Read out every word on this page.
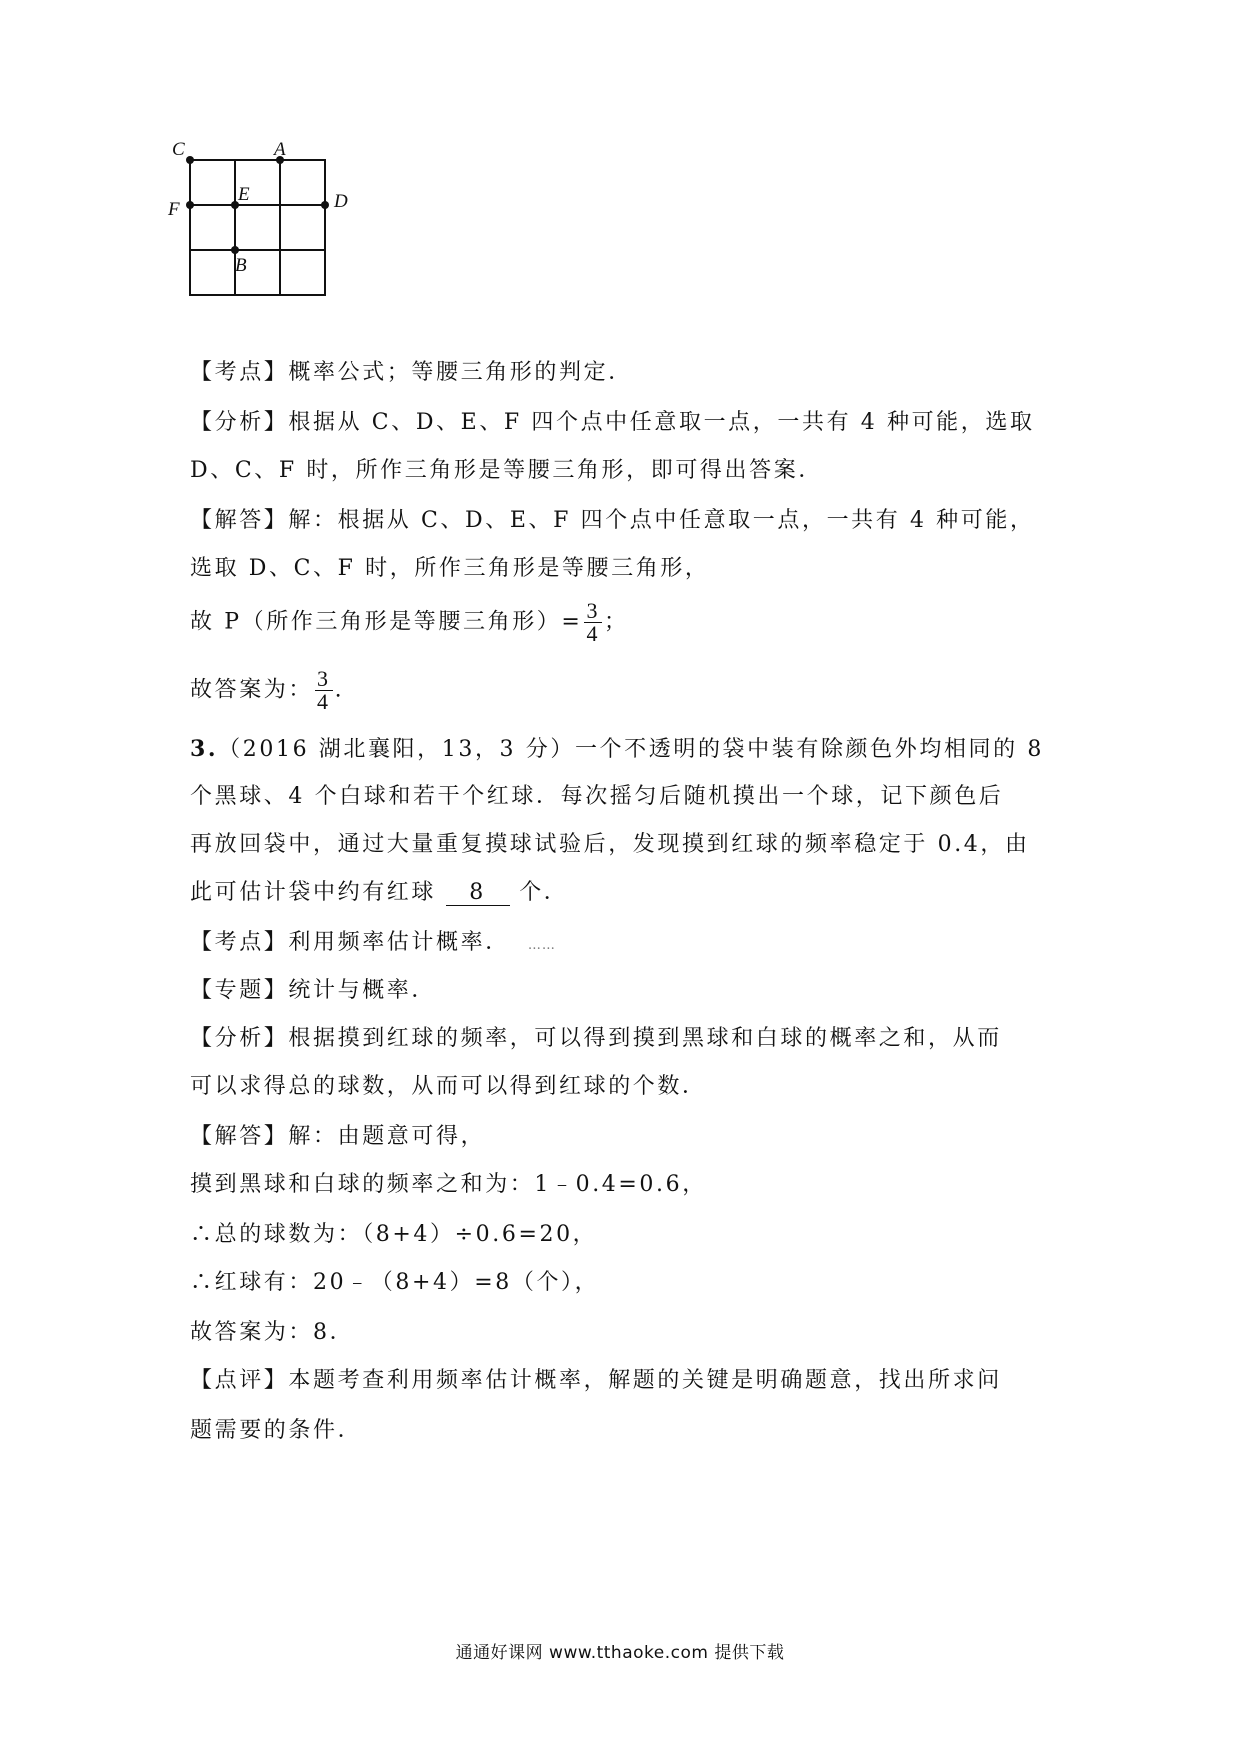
C	A
F
E	D
B
【考点】概率公式；等腰三角形的判定．
【分析】根据从 C、D、E、F 四个点中任意取一点，一共有 4 种可能，选取
D、C、F 时，所作三角形是等腰三角形，即可得出答案．
【解答】解：根据从 C、D、E、F 四个点中任意取一点，一共有 4 种可能，
选取 D、C、F 时，所作三角形是等腰三角形，
故 P（所作三角形是等腰三角形）= $\frac{3}{4}$ ；
故答案为： $\frac{3}{4}$ .
3.（2016 湖北襄阳，13，3 分）一个不透明的袋中装有除颜色外均相同的 8
个黑球、4 个白球和若干个红球．每次摇匀后随机摸出一个球，记下颜色后
再放回袋中，通过大量重复摸球试验后，发现摸到红球的频率稳定于 0.4，由
此可估计袋中约有红球 8 个．
【考点】利用频率估计概率． ……
【专题】统计与概率．
【分析】根据摸到红球的频率，可以得到摸到黑球和白球的概率之和，从而
可以求得总的球数，从而可以得到红球的个数．
【解答】解：由题意可得，
摸到黑球和白球的频率之和为：1﹣0.4=0.6，
∴总的球数为：（8+4）÷0.6=20，
∴红球有：20﹣（8+4）=8（个），
故答案为：8．
【点评】本题考查利用频率估计概率，解题的关键是明确题意，找出所求问
题需要的条件．
通通好课网 www.tthaoke.com 提供下载
